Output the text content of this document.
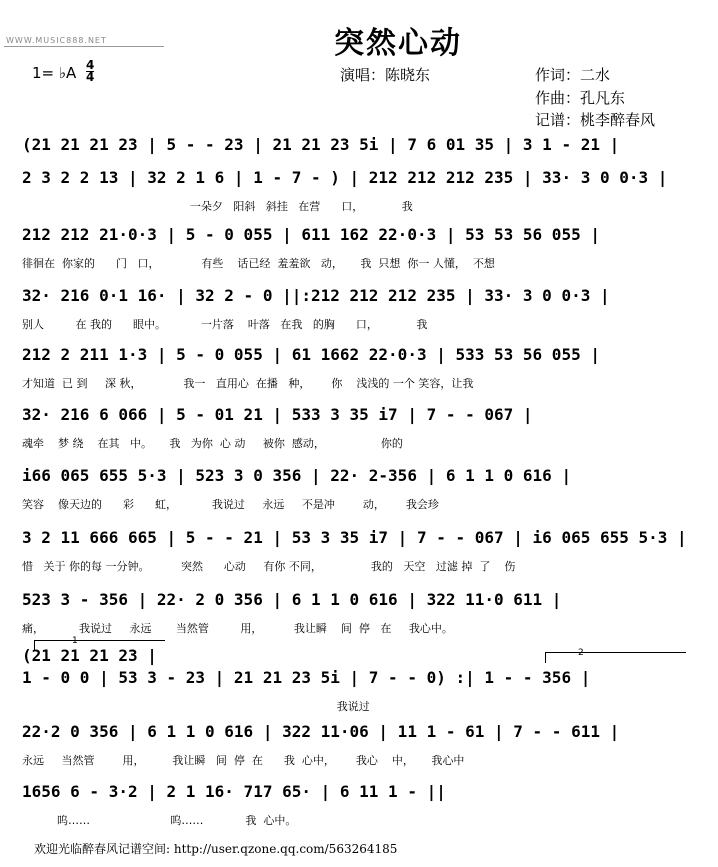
WWW.MUSIC888.NET	突然心动
演唱：陈晓东	作词：二水
作曲：孔凡东
记谱：桃李醉春风
1= ♭A 4
4
(21 21 21 23 | 5 - - 23 | 21 21 23 5i | 7 6 01 35 | 3 1 - 21 |
2 3 2 2 13 | 32 2 1 6 | 1 - 7 - ) | 212 212 212 235 | 33· 3 0 0·3 |
一朵夕   阳斜   斜挂   在营      口，           我
212 212 21·0·3 | 5 - 0 055 | 611 162 22·0·3 | 53 53 56 055 |
徘徊在  你家的      门   口，            有些    话已经  羞羞欲   动，     我  只想  你一 人懂，  不想
32· 216 0·1 16· | 32 2 - 0 ||:212 212 212 235 | 33· 3 0 0·3 |
别人         在 我的      眼中。          一片落    叶落   在我   的胸      口，           我
212 2 211 1·3 | 5 - 0 055 | 61 1662 22·0·3 | 533 53 56 055 |
才知道  已 到     深 秋，            我一   直用心  在播   种，      你    浅浅的 一个 笑容，让我
32· 216 6 066 | 5 - 01 21 | 533 3 35 i7 | 7 - - 067 |
魂牵    梦 绕    在其   中。     我   为你  心 动     被你  感动，                你的
i66 065 655 5·3 | 523 3 0 356 | 22· 2-356 | 6 1 1 0 616 |
笑容    像天边的      彩      虹，          我说过     永远     不是冲        动，      我会珍
3 2 11 666 665 | 5 - - 21 | 53 3 35 i7 | 7 - - 067 | i6 065 655 5·3 |
惜   关于 你的每 一分钟。         突然      心动     有你 不同，              我的   天空   过滤 掉  了    伤
523 3 - 356 | 22· 2 0 356 | 6 1 1 0 616 | 322 11·0 611 |
痛，          我说过     永远       当然管         用，         我让瞬    间  停   在     我心中。
1
(21 21 21 23 |	2
1 - 0 0 | 53 3 - 23 | 21 21 23 5i | 7 - - 0) :| 1 - - 356 |
我说过
22·2 0 356 | 6 1 1 0 616 | 322 11·06 | 11 1 - 61 | 7 - - 611 |
永远     当然管        用，        我让瞬   间  停  在      我  心中，      我心    中，     我心中
1656 6 - 3·2 | 2 1 16· 717 65· | 6 11 1 - ||
呜……                       呜……            我  心中。
欢迎光临醉春风记谱空间: http://user.qzone.qq.com/563264185
